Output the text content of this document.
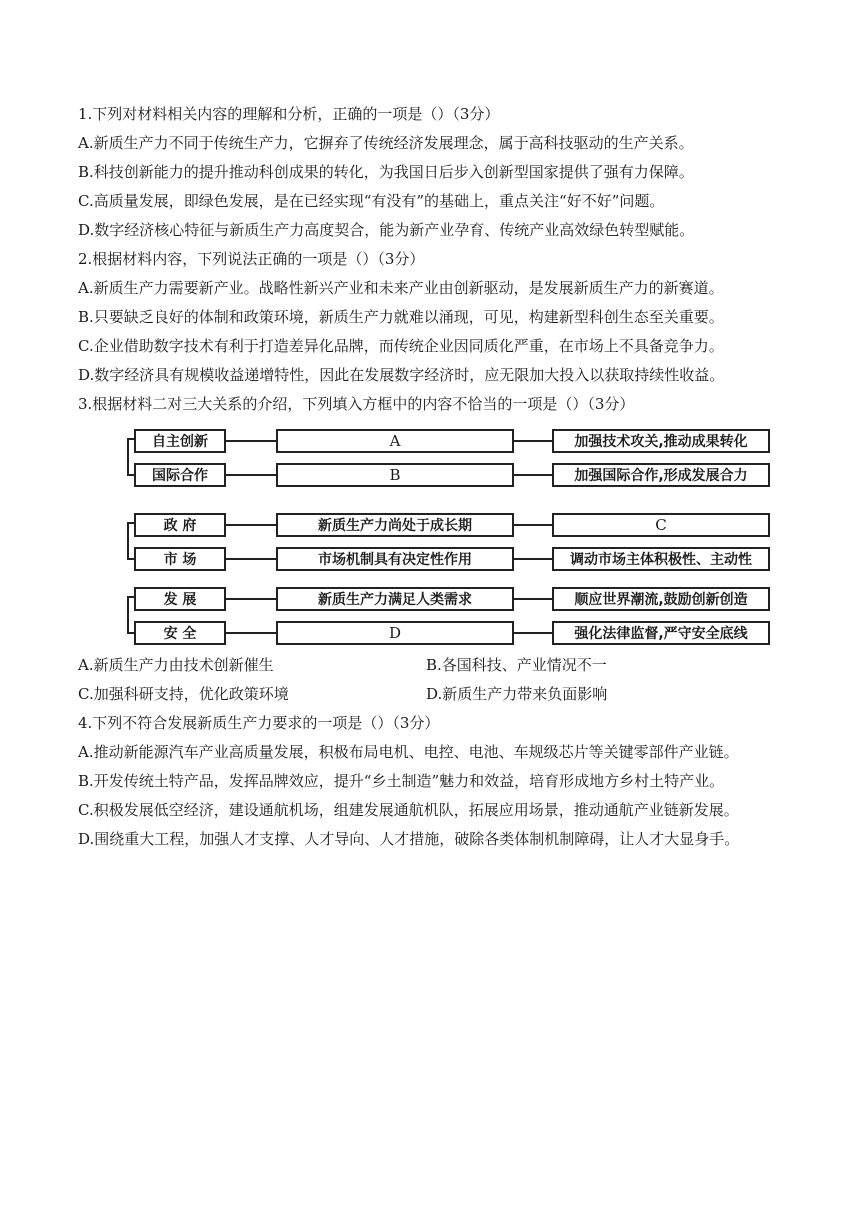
1.下列对材料相关内容的理解和分析，正确的一项是（）（3分）
A.新质生产力不同于传统生产力，它摒弃了传统经济发展理念，属于高科技驱动的生产关系。
B.科技创新能力的提升推动科创成果的转化，为我国日后步入创新型国家提供了强有力保障。
C.高质量发展，即绿色发展，是在已经实现“有没有”的基础上，重点关注“好不好”问题。
D.数字经济核心特征与新质生产力高度契合，能为新产业孕育、传统产业高效绿色转型赋能。
2.根据材料内容，下列说法正确的一项是（）（3分）
A.新质生产力需要新产业。战略性新兴产业和未来产业由创新驱动，是发展新质生产力的新赛道。
B.只要缺乏良好的体制和政策环境，新质生产力就难以涌现，可见，构建新型科创生态至关重要。
C.企业借助数字技术有利于打造差异化品牌，而传统企业因同质化严重，在市场上不具备竞争力。
D.数字经济具有规模收益递增特性，因此在发展数字经济时，应无限加大投入以获取持续性收益。
3.根据材料二对三大关系的介绍，下列填入方框中的内容不恰当的一项是（）（3分）
自主创新
国际合作
A
B
加强技术攻关,推动成果转化
加强国际合作,形成发展合力
政 府
市 场
新质生产力尚处于成长期
市场机制具有决定性作用
C
调动市场主体积极性、主动性
发 展
安 全
新质生产力满足人类需求
D
顺应世界潮流,鼓励创新创造
强化法律监督,严守安全底线
A.新质生产力由技术创新催生	B.各国科技、产业情况不一
C.加强科研支持，优化政策环境	D.新质生产力带来负面影响
4.下列不符合发展新质生产力要求的一项是（）（3分）
A.推动新能源汽车产业高质量发展，积极布局电机、电控、电池、车规级芯片等关键零部件产业链。
B.开发传统土特产品，发挥品牌效应，提升“乡土制造”魅力和效益，培育形成地方乡村土特产业。
C.积极发展低空经济，建设通航机场，组建发展通航机队，拓展应用场景，推动通航产业链新发展。
D.围绕重大工程，加强人才支撑、人才导向、人才措施，破除各类体制机制障碍，让人才大显身手。
